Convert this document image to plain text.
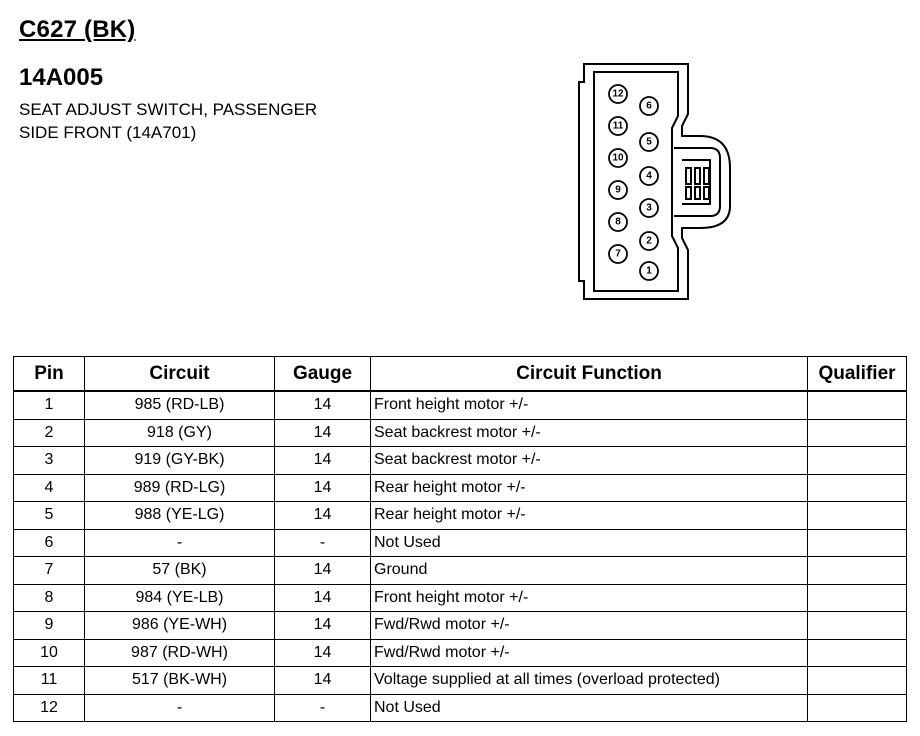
C627 (BK)
14A005
SEAT ADJUST SWITCH, PASSENGER
SIDE FRONT (14A701)
12
11
10
9
8
7
6
5
4
3
2
1
Pin	Circuit	Gauge	Circuit Function	Qualifier
1	985 (RD-LB)	14	Front height motor +/-	
2	918 (GY)	14	Seat backrest motor +/-	
3	919 (GY-BK)	14	Seat backrest motor +/-	
4	989 (RD-LG)	14	Rear height motor +/-	
5	988 (YE-LG)	14	Rear height motor +/-	
6	-	-	Not Used	
7	57 (BK)	14	Ground	
8	984 (YE-LB)	14	Front height motor +/-	
9	986 (YE-WH)	14	Fwd/Rwd motor +/-	
10	987 (RD-WH)	14	Fwd/Rwd motor +/-	
11	517 (BK-WH)	14	Voltage supplied at all times (overload protected)	
12	-	-	Not Used	
